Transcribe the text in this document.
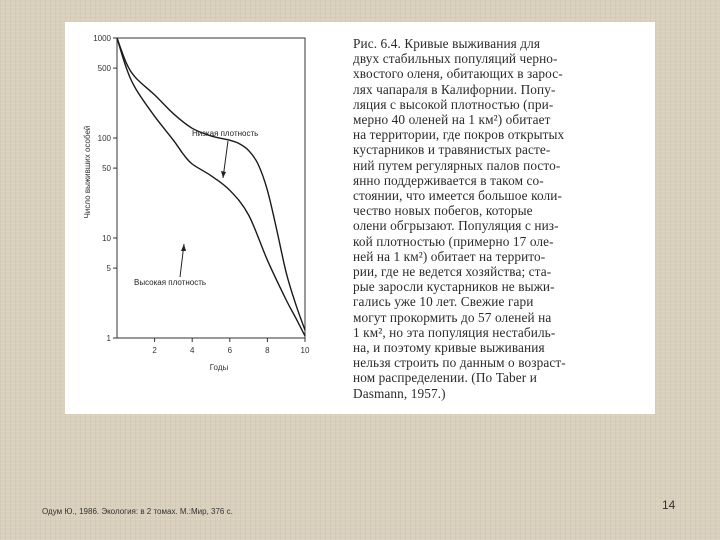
1
5
10
50
100
500
1000
2	4	6	8	10
Годы
Число выживших особей	Низкая плотность
Высокая плотность
Рис. 6.4. Кривые выживания для
двух стабильных популяций черно-
хвостого оленя, обитающих в зарос-
лях чапараля в Калифорнии. Попу-
ляция с высокой плотностью (при-
мерно 40 оленей на 1 км²) обитает
на территории, где покров открытых
кустарников и травянистых расте-
ний путем регулярных палов посто-
янно поддерживается в таком со-
стоянии, что имеется большое коли-
чество новых побегов, которые
олени обгрызают. Популяция с низ-
кой плотностью (примерно 17 оле-
ней на 1 км²) обитает на террито-
рии, где не ведется хозяйства; ста-
рые заросли кустарников не выжи-
гались уже 10 лет. Свежие гари
могут прокормить до 57 оленей на
1 км², но эта популяция нестабиль-
на, и поэтому кривые выживания
нельзя строить по данным о возраст-
ном распределении. (По Taber и
Dasmann, 1957.)
Одум Ю., 1986. Экология: в 2 томах. М.:Мир, 376 с.	14
